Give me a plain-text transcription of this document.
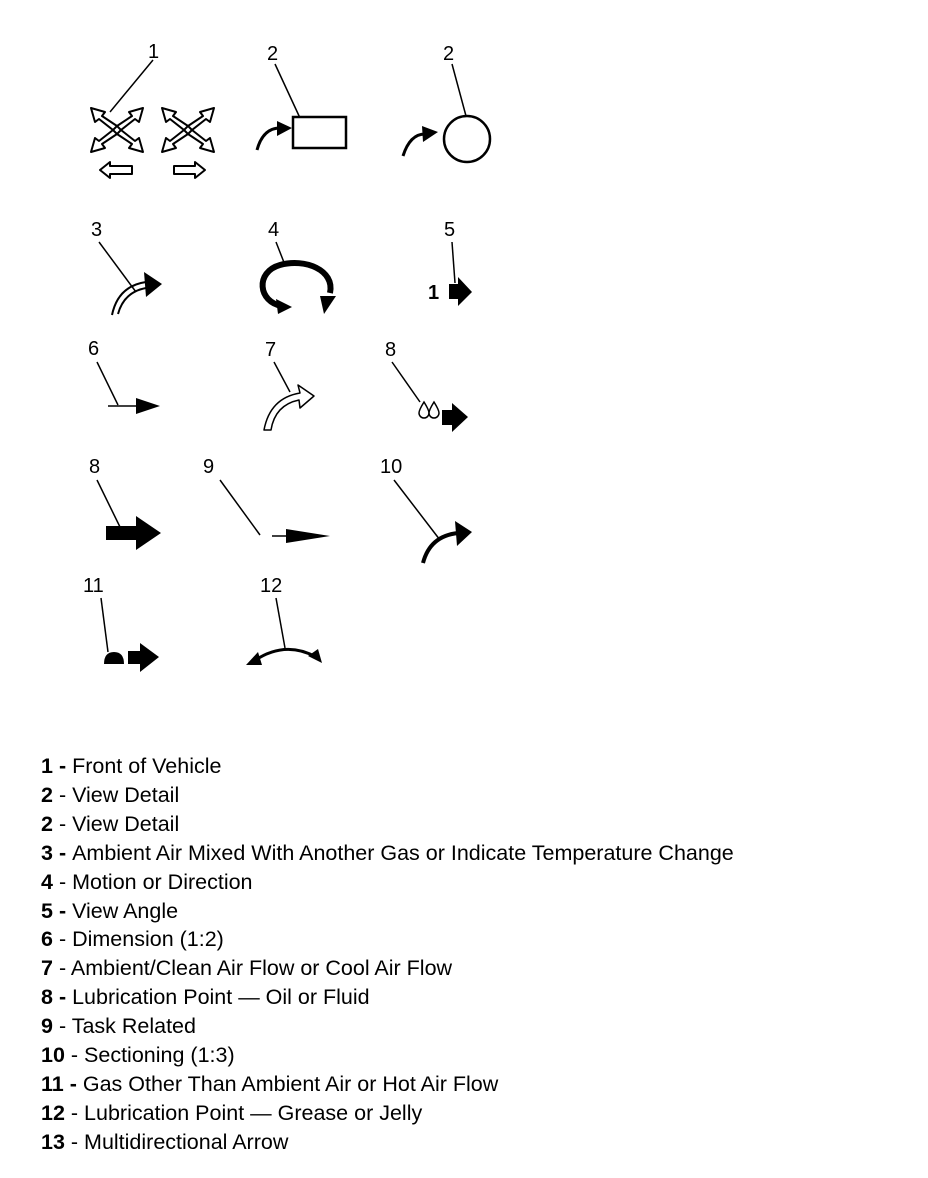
1	2	2
3	4	5
1
6	7	8
8	9	10
11	12
1 - Front of Vehicle
2 - View Detail
2 - View Detail
3 - Ambient Air Mixed With Another Gas or Indicate Temperature Change
4 - Motion or Direction
5 - View Angle
6 - Dimension (1:2)
7 - Ambient/Clean Air Flow or Cool Air Flow
8 - Lubrication Point — Oil or Fluid
9 - Task Related
10 - Sectioning (1:3)
11 - Gas Other Than Ambient Air or Hot Air Flow
12 - Lubrication Point — Grease or Jelly
13 - Multidirectional Arrow
